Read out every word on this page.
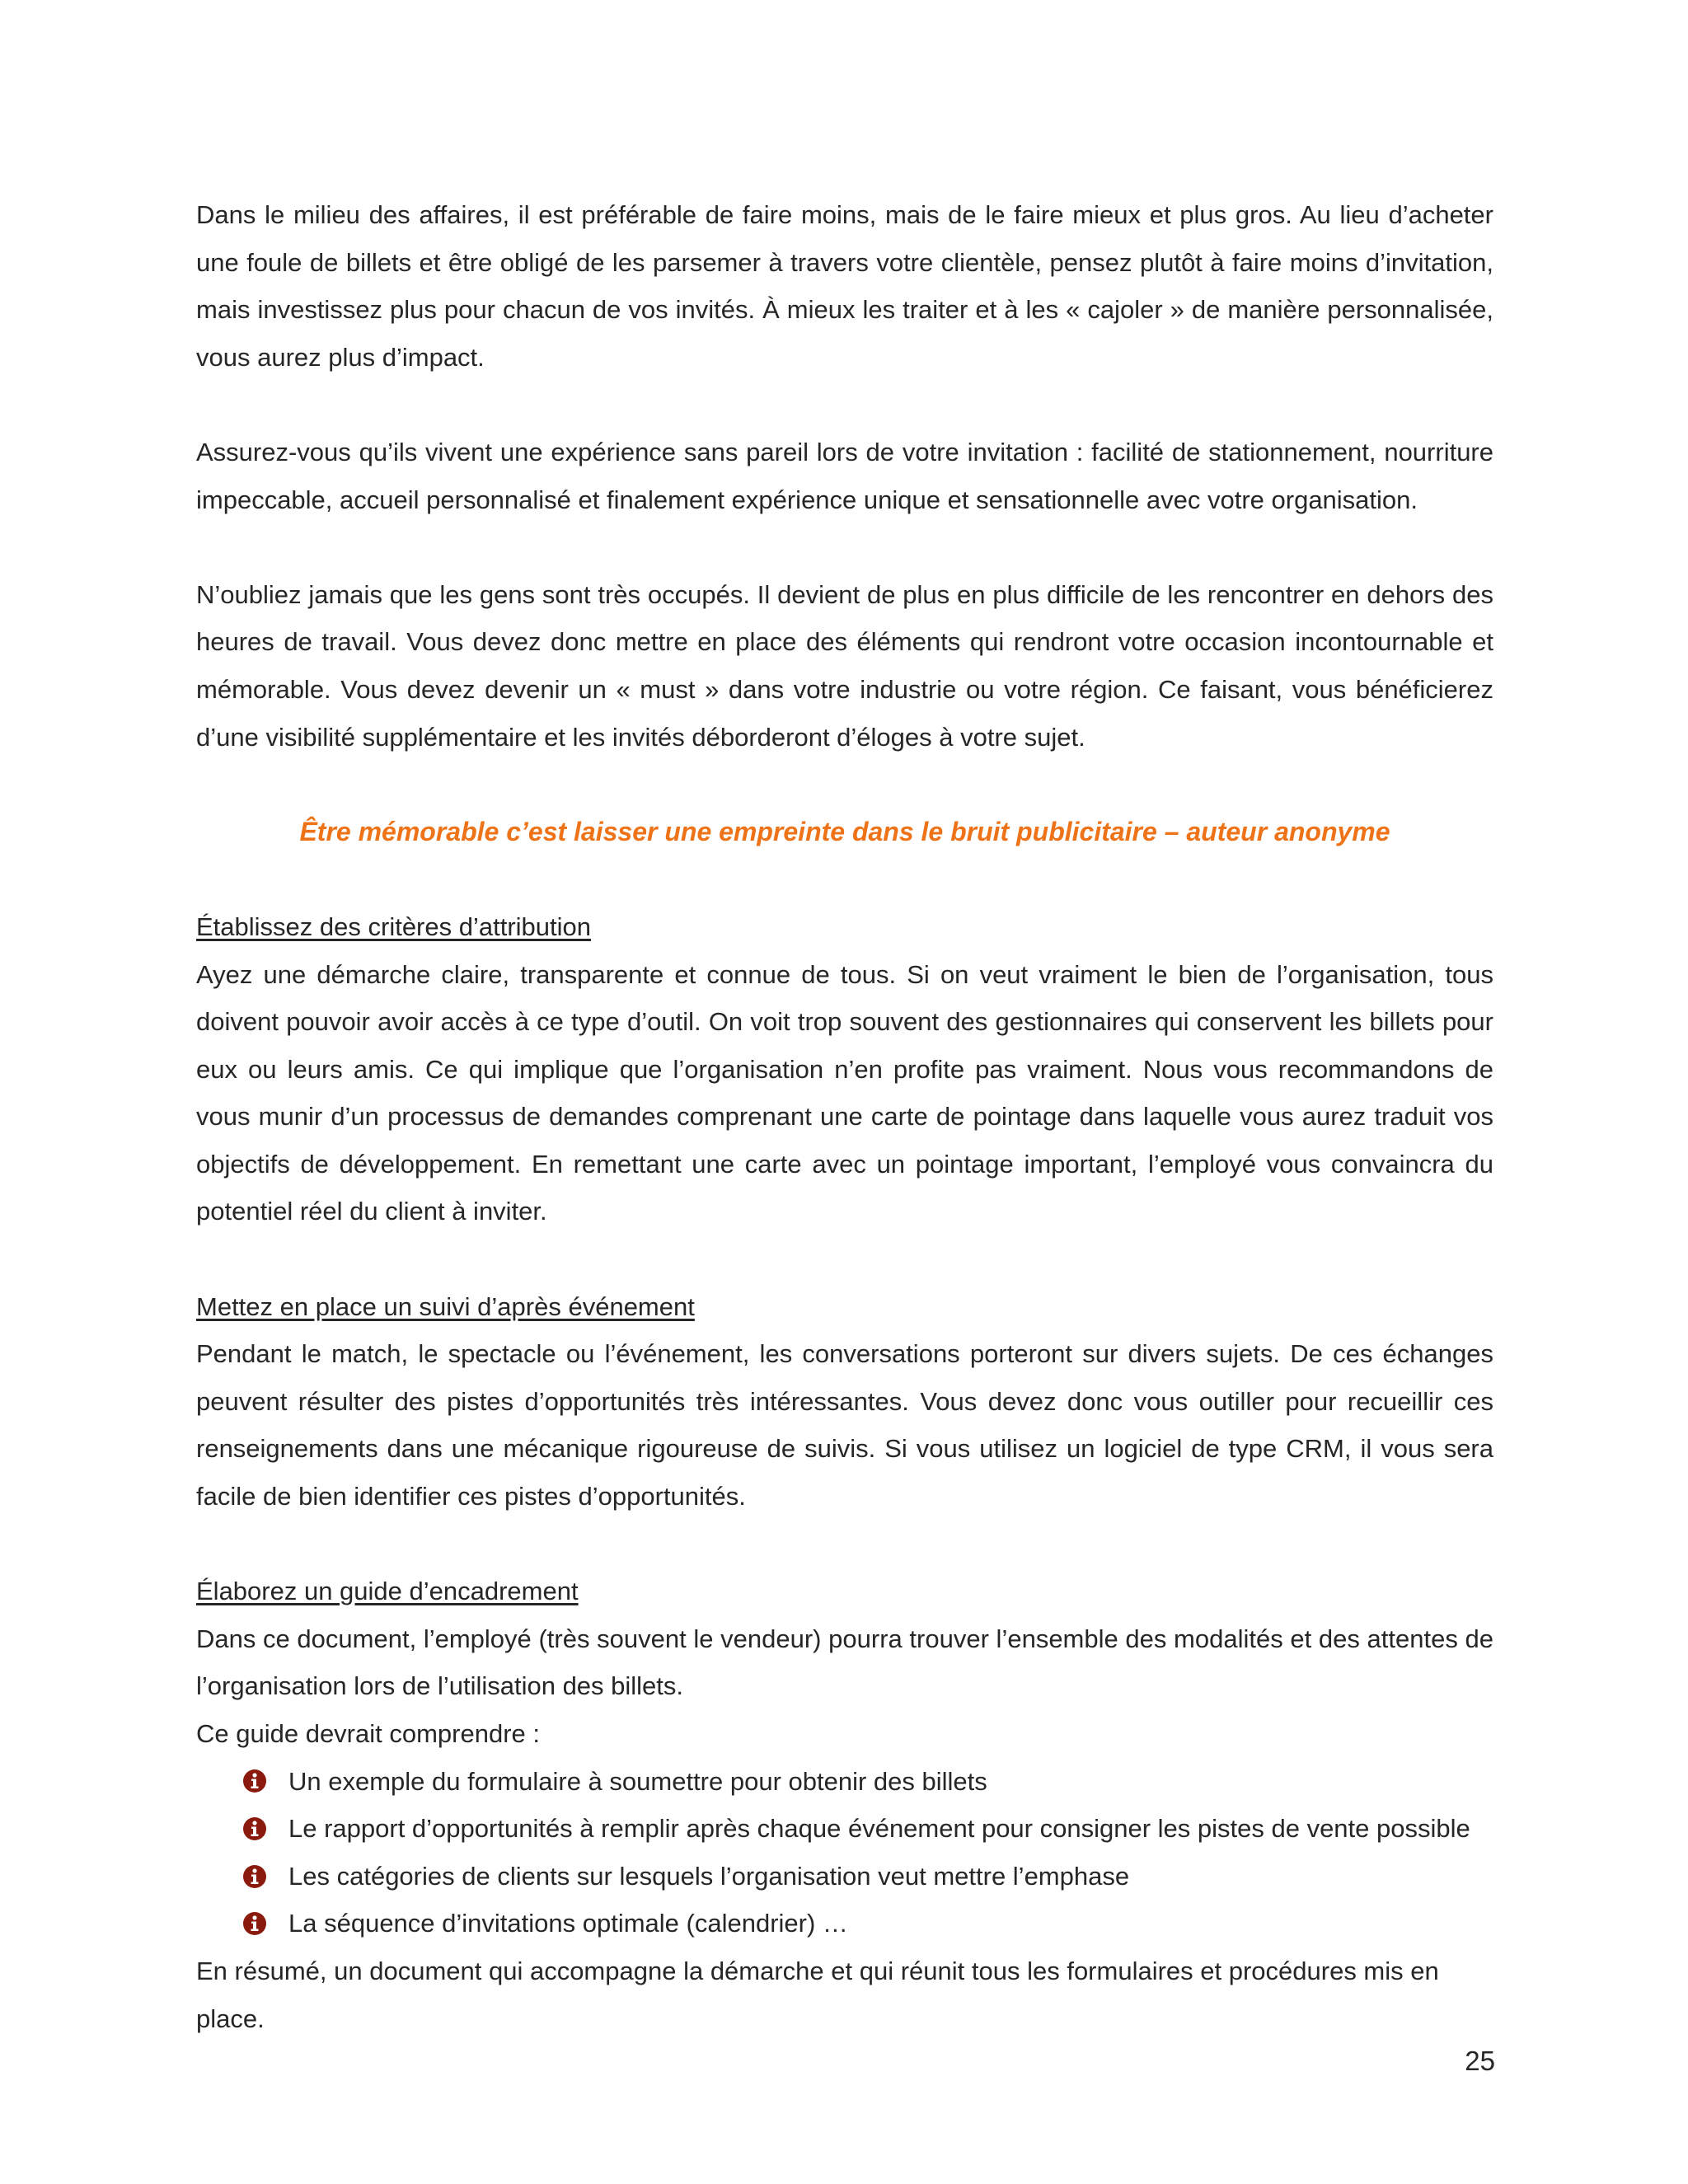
Dans le milieu des affaires, il est préférable de faire moins, mais de le faire mieux et plus gros. Au lieu d’acheter une foule de billets et être obligé de les parsemer à travers votre clientèle, pensez plutôt à faire moins d’invitation, mais investissez plus pour chacun de vos invités. À mieux les traiter et à les « cajoler » de manière personnalisée, vous aurez plus d’impact.

Assurez-vous qu’ils vivent une expérience sans pareil lors de votre invitation : facilité de stationnement, nourriture impeccable, accueil personnalisé et finalement expérience unique et sensationnelle avec votre organisation.

N’oubliez jamais que les gens sont très occupés. Il devient de plus en plus difficile de les rencontrer en dehors des heures de travail. Vous devez donc mettre en place des éléments qui rendront votre occasion incontournable et mémorable. Vous devez devenir un « must » dans votre industrie ou votre région. Ce faisant, vous bénéficierez d’une visibilité supplémentaire et les invités déborderont d’éloges à votre sujet.

Être mémorable c’est laisser une empreinte dans le bruit publicitaire – auteur anonyme

Établissez des critères d’attribution

Ayez une démarche claire, transparente et connue de tous. Si on veut vraiment le bien de l’organisation, tous doivent pouvoir avoir accès à ce type d’outil. On voit trop souvent des gestionnaires qui conservent les billets pour eux ou leurs amis. Ce qui implique que l’organisation n’en profite pas vraiment. Nous vous recommandons de vous munir d’un processus de demandes comprenant une carte de pointage dans laquelle vous aurez traduit vos objectifs de développement. En remettant une carte avec un pointage important, l’employé vous convaincra du potentiel réel du client à inviter.

Mettez en place un suivi d’après événement

Pendant le match, le spectacle ou l’événement, les conversations porteront sur divers sujets. De ces échanges peuvent résulter des pistes d’opportunités très intéressantes. Vous devez donc vous outiller pour recueillir ces renseignements dans une mécanique rigoureuse de suivis. Si vous utilisez un logiciel de type CRM, il vous sera facile de bien identifier ces pistes d’opportunités.

Élaborez un guide d’encadrement

Dans ce document, l’employé (très souvent le vendeur) pourra trouver l’ensemble des modalités et des attentes de l’organisation lors de l’utilisation des billets.

Ce guide devrait comprendre :

Un exemple du formulaire à soumettre pour obtenir des billets
Le rapport d’opportunités à remplir après chaque événement pour consigner les pistes de vente possible
Les catégories de clients sur lesquels l’organisation veut mettre l’emphase
La séquence d’invitations optimale (calendrier) …

En résumé, un document qui accompagne la démarche et qui réunit tous les formulaires et procédures mis en place.

25
